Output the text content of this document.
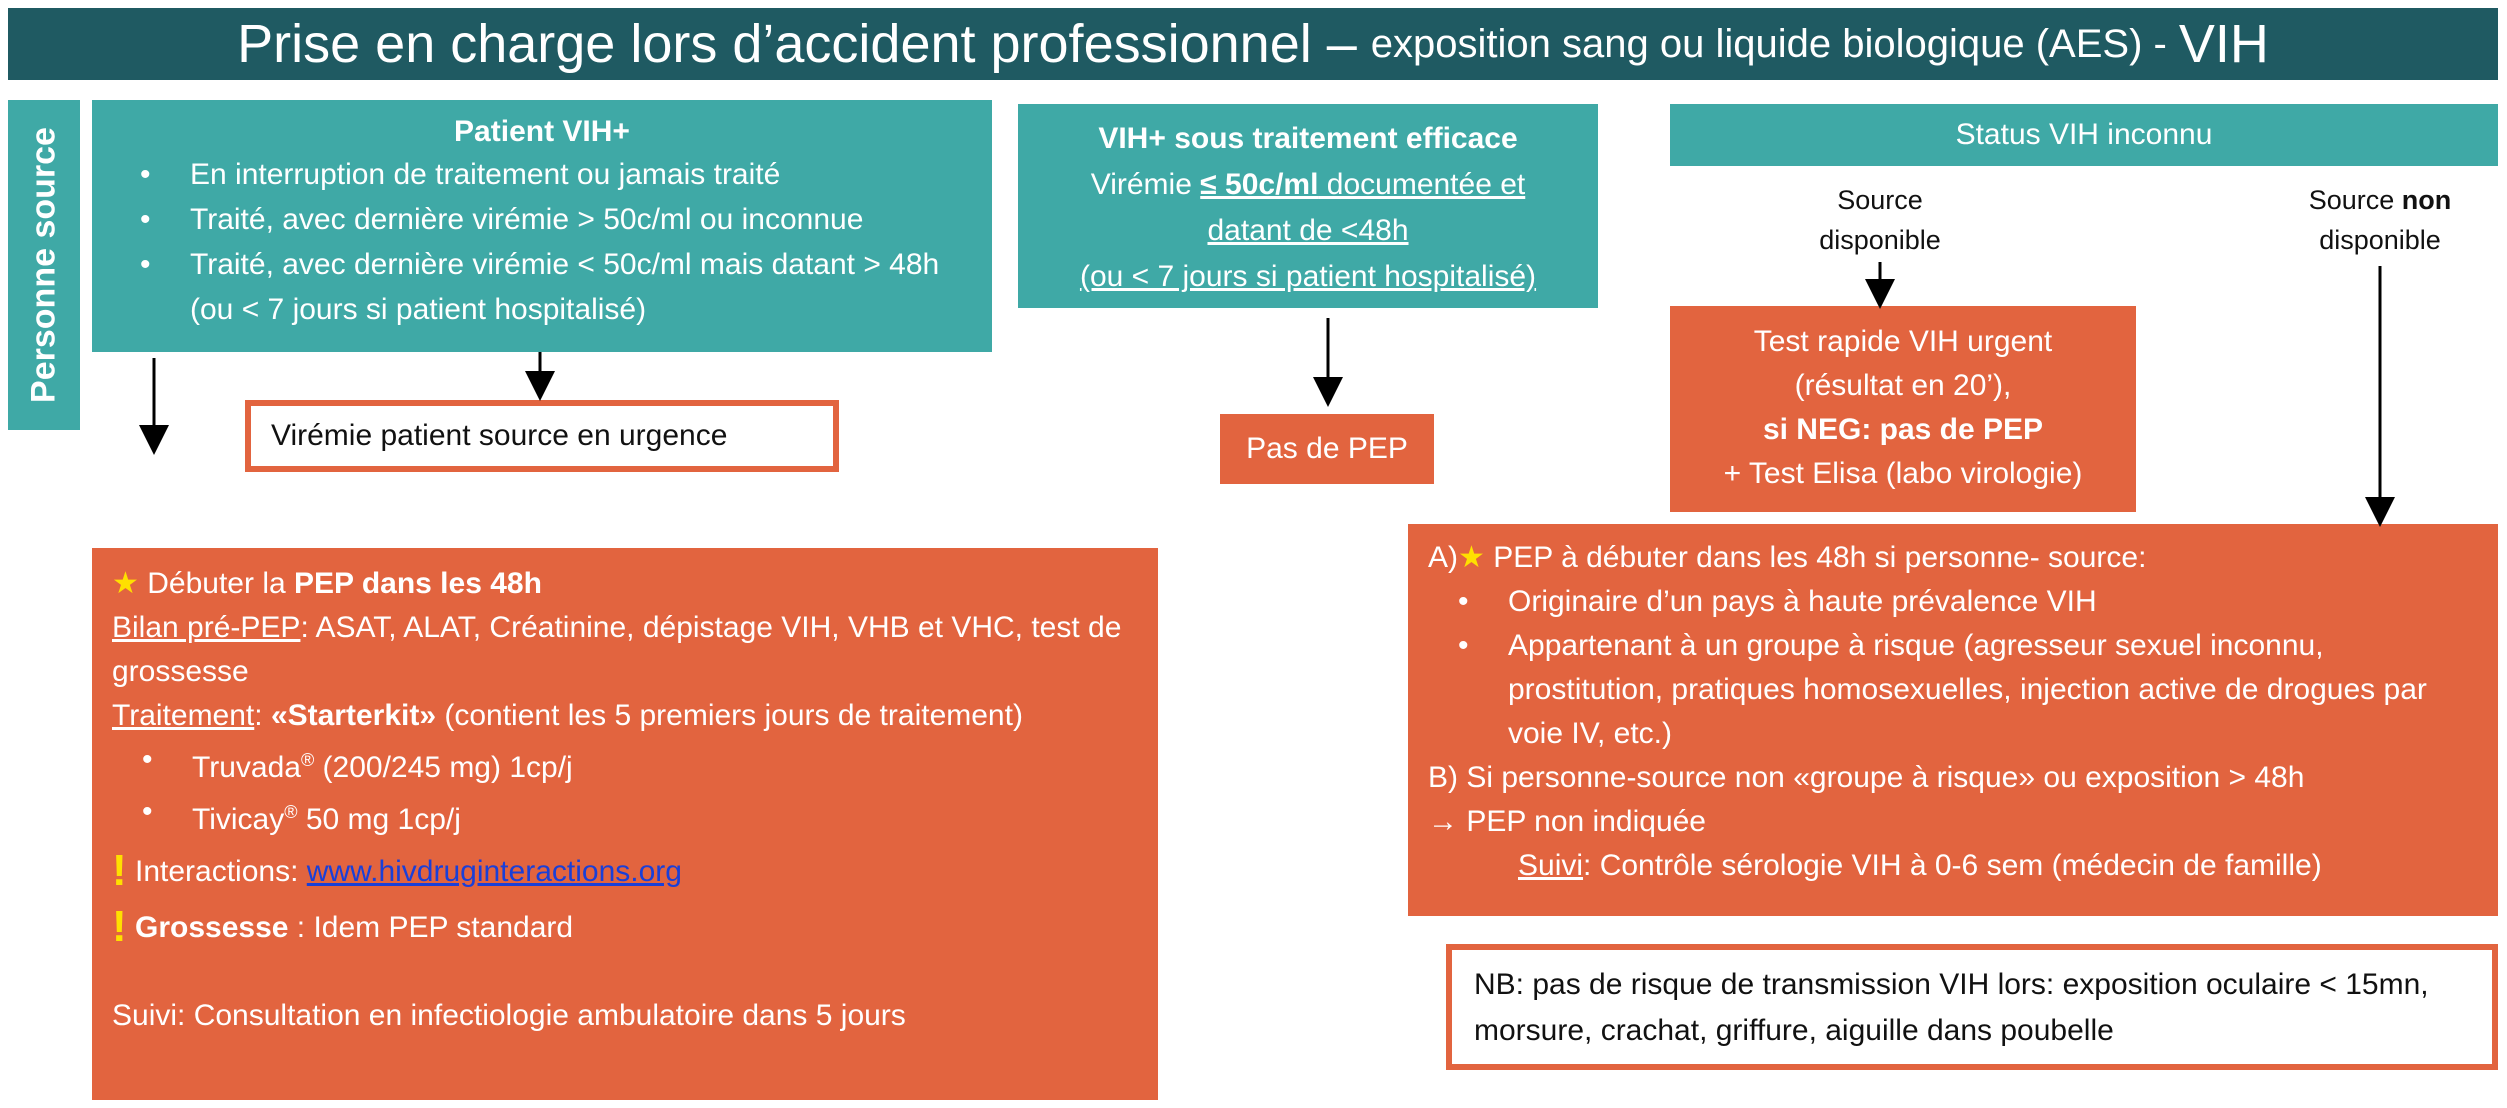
Prise en charge lors d’accident professionnel – exposition sang ou liquide biologique (AES) - VIH
Personne source	Patient VIH+
• En interruption de traitement ou jamais traité
• Traité, avec dernière virémie > 50c/ml ou inconnue
• Traité, avec dernière virémie < 50c/ml mais datant > 48h (ou < 7 jours si patient hospitalisé)
Virémie patient source en urgence
VIH+ sous traitement efficace
Virémie ≤ 50c/ml documentée et
datant de <48h
(ou < 7 jours si patient hospitalisé)
Pas de PEP
Status VIH inconnu
Source
disponible
Source non
disponible
Test rapide VIH urgent
(résultat en 20’),
si NEG: pas de PEP
+ Test Elisa (labo virologie)
★ Débuter la PEP dans les 48h
Bilan pré-PEP: ASAT, ALAT, Créatinine, dépistage VIH, VHB et VHC, test de grossesse
Traitement: «Starterkit» (contient les 5 premiers jours de traitement)
• Truvada® (200/245 mg) 1cp/j
• Tivicay® 50 mg 1cp/j
! Interactions: www.hivdruginteractions.org
! Grossesse : Idem PEP standard
Suivi: Consultation en infectiologie ambulatoire dans 5 jours
A)★ PEP à débuter dans les 48h si personne- source:
• Originaire d’un pays à haute prévalence VIH
• Appartenant à un groupe à risque (agresseur sexuel inconnu, prostitution, pratiques homosexuelles, injection active de drogues par voie IV, etc.)
B) Si personne-source non «groupe à risque» ou exposition > 48h
→ PEP non indiquée
Suivi: Contrôle sérologie VIH à 0-6 sem (médecin de famille)
NB: pas de risque de transmission VIH lors: exposition oculaire < 15mn, morsure, crachat, griffure, aiguille dans poubelle
